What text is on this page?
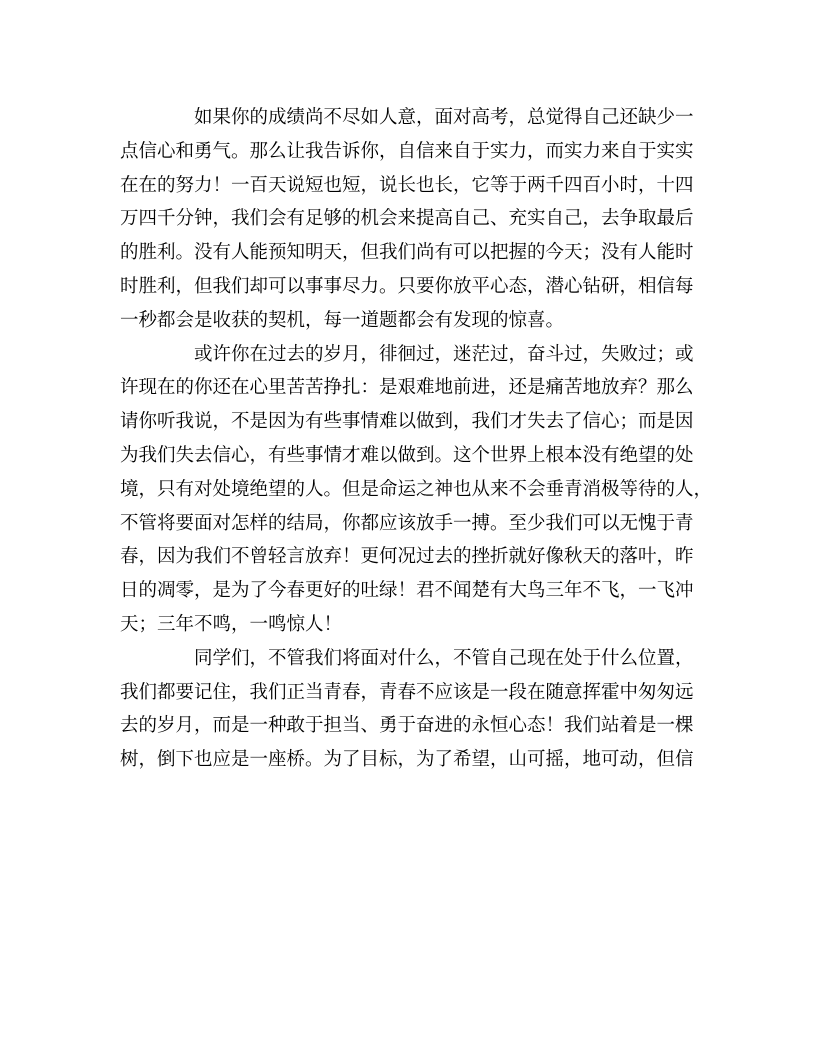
如果你的成绩尚不尽如人意，面对高考，总觉得自己还缺少一
点信心和勇气。那么让我告诉你，自信来自于实力，而实力来自于实实
在在的努力！一百天说短也短，说长也长，它等于两千四百小时，十四
万四千分钟，我们会有足够的机会来提高自己、充实自己，去争取最后
的胜利。没有人能预知明天，但我们尚有可以把握的今天；没有人能时
时胜利，但我们却可以事事尽力。只要你放平心态，潜心钻研，相信每
一秒都会是收获的契机，每一道题都会有发现的惊喜。

或许你在过去的岁月，徘徊过，迷茫过，奋斗过，失败过；或
许现在的你还在心里苦苦挣扎：是艰难地前进，还是痛苦地放弃？那么
请你听我说，不是因为有些事情难以做到，我们才失去了信心；而是因
为我们失去信心，有些事情才难以做到。这个世界上根本没有绝望的处
境，只有对处境绝望的人。但是命运之神也从来不会垂青消极等待的人，
不管将要面对怎样的结局，你都应该放手一搏。至少我们可以无愧于青
春，因为我们不曾轻言放弃！更何况过去的挫折就好像秋天的落叶，昨
日的凋零，是为了今春更好的吐绿！君不闻楚有大鸟三年不飞，一飞冲
天；三年不鸣，一鸣惊人！

同学们，不管我们将面对什么，不管自己现在处于什么位置，
我们都要记住，我们正当青春，青春不应该是一段在随意挥霍中匆匆远
去的岁月，而是一种敢于担当、勇于奋进的永恒心态！我们站着是一棵
树，倒下也应是一座桥。为了目标，为了希望，山可摇，地可动，但信
